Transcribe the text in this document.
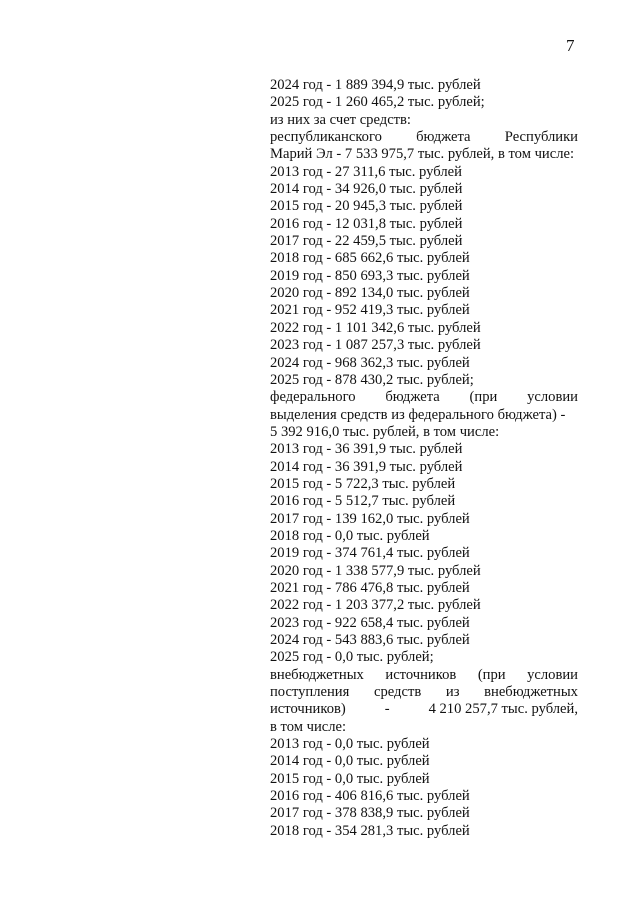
7
2024 год - 1 889 394,9 тыс. рублей
2025 год - 1 260 465,2 тыс. рублей;
из них за счет средств:
республиканского бюджета Республики
Марий Эл - 7 533 975,7 тыс. рублей, в том числе:
2013 год - 27 311,6 тыс. рублей
2014 год - 34 926,0 тыс. рублей
2015 год - 20 945,3 тыс. рублей
2016 год - 12 031,8 тыс. рублей
2017 год - 22 459,5 тыс. рублей
2018 год - 685 662,6 тыс. рублей
2019 год - 850 693,3 тыс. рублей
2020 год - 892 134,0 тыс. рублей
2021 год - 952 419,3 тыс. рублей
2022 год - 1 101 342,6 тыс. рублей
2023 год - 1 087 257,3 тыс. рублей
2024 год - 968 362,3 тыс. рублей
2025 год - 878 430,2 тыс. рублей;
федерального бюджета (при условии
выделения средств из федерального бюджета) -
5 392 916,0 тыс. рублей, в том числе:
2013 год - 36 391,9 тыс. рублей
2014 год - 36 391,9 тыс. рублей
2015 год - 5 722,3 тыс. рублей
2016 год - 5 512,7 тыс. рублей
2017 год - 139 162,0 тыс. рублей
2018 год - 0,0 тыс. рублей
2019 год - 374 761,4 тыс. рублей
2020 год - 1 338 577,9 тыс. рублей
2021 год - 786 476,8 тыс. рублей
2022 год - 1 203 377,2 тыс. рублей
2023 год - 922 658,4 тыс. рублей
2024 год - 543 883,6 тыс. рублей
2025 год - 0,0 тыс. рублей;
внебюджетных источников (при условии
поступления средств из внебюджетных
источников)	-	4 210 257,7 тыс. рублей,
в том числе:
2013 год - 0,0 тыс. рублей
2014 год - 0,0 тыс. рублей
2015 год - 0,0 тыс. рублей
2016 год - 406 816,6 тыс. рублей
2017 год - 378 838,9 тыс. рублей
2018 год - 354 281,3 тыс. рублей
